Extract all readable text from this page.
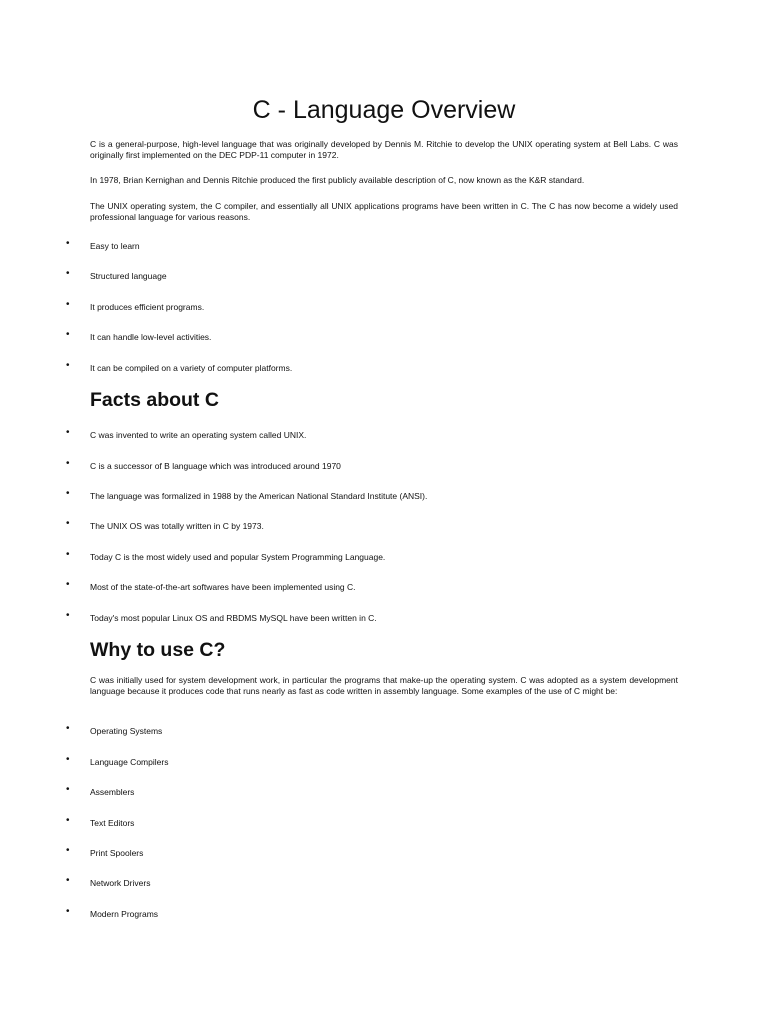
C - Language Overview

C is a general-purpose, high-level language that was originally developed by Dennis M. Ritchie to develop the UNIX operating system at Bell Labs. C was originally first implemented on the DEC PDP-11 computer in 1972.

In 1978, Brian Kernighan and Dennis Ritchie produced the first publicly available description of C, now known as the K&R standard.

The UNIX operating system, the C compiler, and essentially all UNIX applications programs have been written in C. The C has now become a widely used professional language for various reasons.

• Easy to learn
• Structured language
• It produces efficient programs.
• It can handle low-level activities.
• It can be compiled on a variety of computer platforms.
Facts about C
• C was invented to write an operating system called UNIX.
• C is a successor of B language which was introduced around 1970
• The language was formalized in 1988 by the American National Standard Institute (ANSI).
• The UNIX OS was totally written in C by 1973.
• Today C is the most widely used and popular System Programming Language.
• Most of the state-of-the-art softwares have been implemented using C.
• Today's most popular Linux OS and RBDMS MySQL have been written in C.
Why to use C?

C was initially used for system development work, in particular the programs that make-up the operating system. C was adopted as a system development language because it produces code that runs nearly as fast as code written in assembly language. Some examples of the use of C might be:

• Operating Systems
• Language Compilers
• Assemblers
• Text Editors
• Print Spoolers
• Network Drivers
• Modern Programs
